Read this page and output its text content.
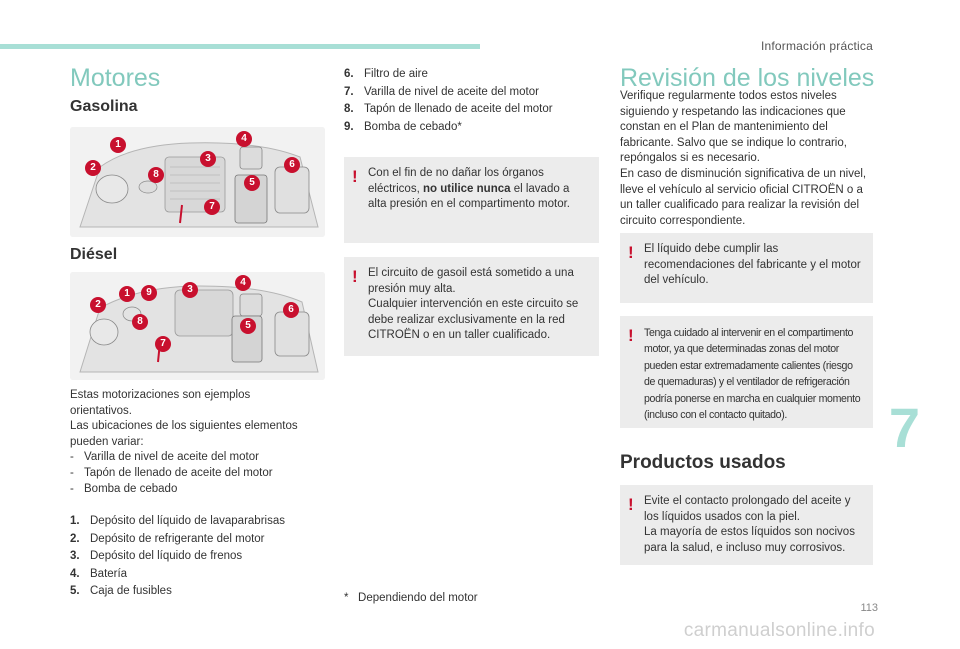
Información práctica
Motores
Gasolina
1
2
3
4
5
6
7
8
Diésel
1
2
3
4
5
6
7
8
9
Estas motorizaciones son ejemplos
orientativos.
Las ubicaciones de los siguientes elementos
pueden variar:
- Varilla de nivel de aceite del motor
- Tapón de llenado de aceite del motor
- Bomba de cebado
1. Depósito del líquido de lavaparabrisas
2. Depósito de refrigerante del motor
3. Depósito del líquido de frenos
4. Batería
5. Caja de fusibles
6. Filtro de aire
7. Varilla de nivel de aceite del motor
8. Tapón de llenado de aceite del motor
9. Bomba de cebado*
! Con el fin de no dañar los órganos eléctricos, no utilice nunca el lavado a alta presión en el compartimento motor.
! El circuito de gasoil está sometido a una presión muy alta.
Cualquier intervención en este circuito se debe realizar exclusivamente en la red CITROËN o en un taller cualificado.
*   Dependiendo del motor
Revisión de los niveles
Verifique regularmente todos estos niveles siguiendo y respetando las indicaciones que constan en el Plan de mantenimiento del fabricante. Salvo que se indique lo contrario, repóngalos si es necesario.
En caso de disminución significativa de un nivel, lleve el vehículo al servicio oficial CITROËN o a un taller cualificado para realizar la revisión del circuito correspondiente.
! El líquido debe cumplir las recomendaciones del fabricante y el motor del vehículo.
! Tenga cuidado al intervenir en el compartimento motor, ya que determinadas zonas del motor pueden estar extremadamente calientes (riesgo de quemaduras) y el ventilador de refrigeración podría ponerse en marcha en cualquier momento (incluso con el contacto quitado).
Productos usados
! Evite el contacto prolongado del aceite y los líquidos usados con la piel.
La mayoría de estos líquidos son nocivos para la salud, e incluso muy corrosivos.
7
113
carmanualsonline.info
